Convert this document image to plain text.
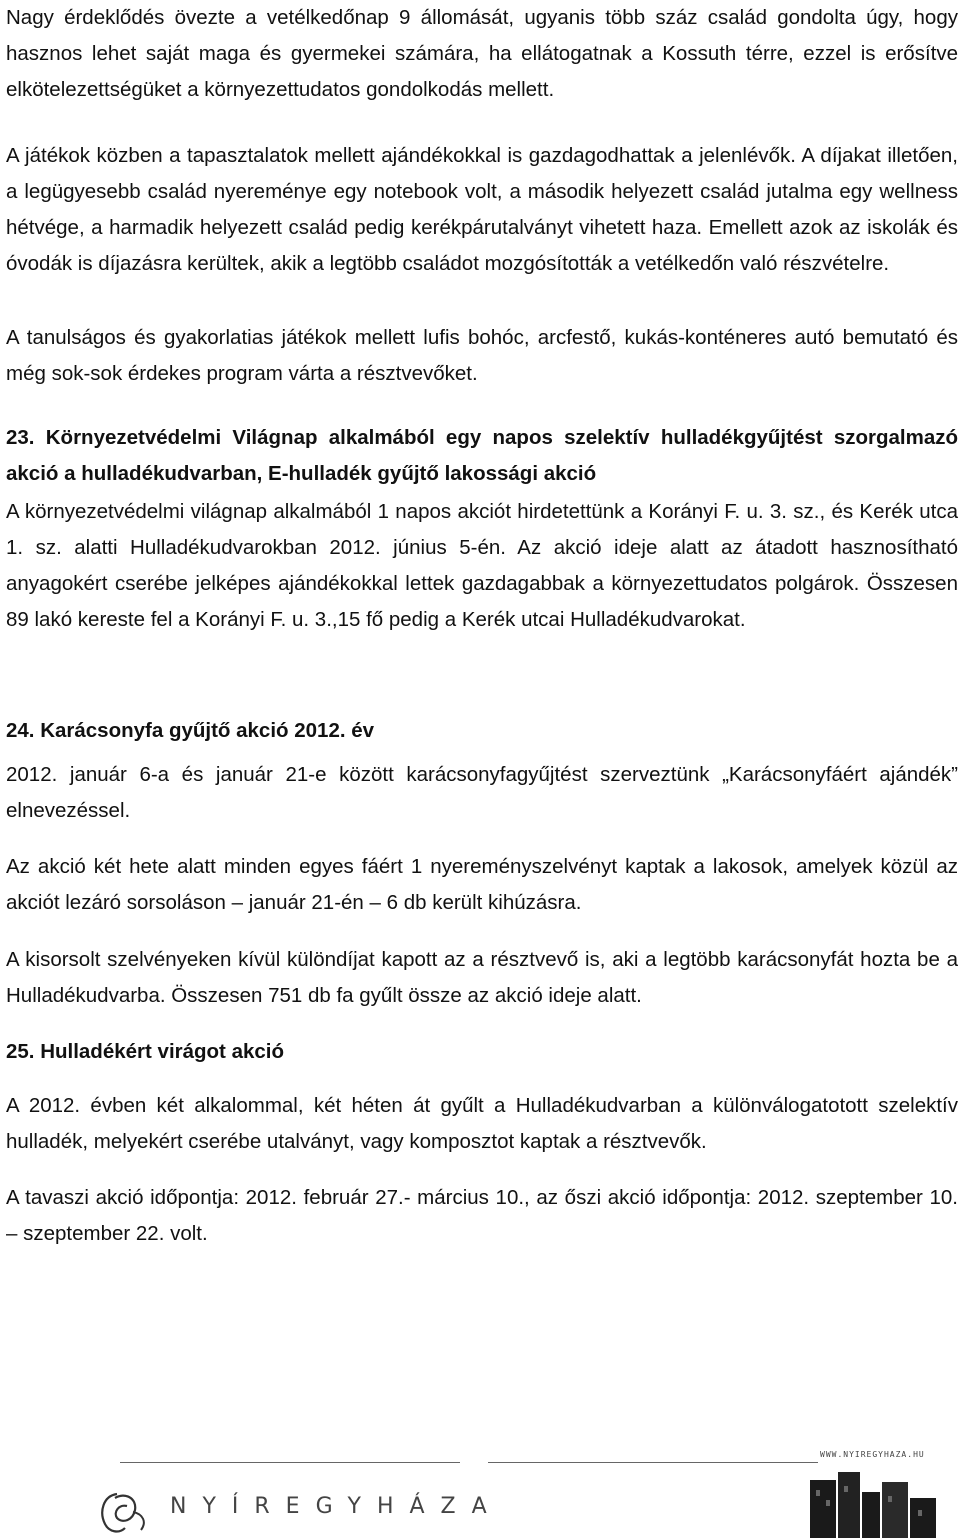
Nagy érdeklődés övezte a vetélkedőnap 9 állomását, ugyanis több száz család gondolta úgy, hogy hasznos lehet saját maga és gyermekei számára, ha ellátogatnak a Kossuth térre, ezzel is erősítve elkötelezettségüket a környezettudatos gondolkodás mellett.
A játékok közben a tapasztalatok mellett ajándékokkal is gazdagodhattak a jelenlévők. A díjakat illetően, a legügyesebb család nyereménye egy notebook volt, a második helyezett család jutalma egy wellness hétvége, a harmadik helyezett család pedig kerékpárutalványt vihetett haza. Emellett azok az iskolák és óvodák is díjazásra kerültek, akik a legtöbb családot mozgósították a vetélkedőn való részvételre.
A tanulságos és gyakorlatias játékok mellett lufis bohóc, arcfestő, kukás-konténeres autó bemutató és még sok-sok érdekes program várta a résztvevőket.
23. Környezetvédelmi Világnap alkalmából egy napos szelektív hulladékgyűjtést szorgalmazó akció a hulladékudvarban, E-hulladék gyűjtő lakossági akció
A környezetvédelmi világnap alkalmából 1 napos akciót hirdetettünk a Korányi F. u. 3. sz., és Kerék utca 1. sz. alatti Hulladékudvarokban 2012. június 5-én. Az akció ideje alatt az átadott hasznosítható anyagokért cserébe jelképes ajándékokkal lettek gazdagabbak a környezettudatos polgárok. Összesen 89 lakó kereste fel a Korányi F. u. 3.,15 fő pedig a Kerék utcai Hulladékudvarokat.
24. Karácsonyfa gyűjtő akció 2012. év
2012. január 6-a és január 21-e között karácsonyfagyűjtést szerveztünk „Karácsonyfáért ajándék” elnevezéssel.
Az akció két hete alatt minden egyes fáért 1 nyereményszelvényt kaptak a lakosok, amelyek közül az akciót lezáró sorsoláson – január 21-én – 6 db került kihúzásra.
A kisorsolt szelvényeken kívül különdíjat kapott az a résztvevő is, aki a legtöbb karácsonyfát hozta be a Hulladékudvarba. Összesen 751 db fa gyűlt össze az akció ideje alatt.
25. Hulladékért virágot akció
A 2012. évben két alkalommal, két héten át gyűlt a Hulladékudvarban a különválogatotott szelektív hulladék, melyekért cserébe utalványt, vagy komposztot kaptak a résztvevők.
A tavaszi akció időpontja: 2012. február 27.- március 10., az őszi akció időpontja: 2012. szeptember 10. – szeptember 22. volt.
WWW.NYIREGYHAZA.HU
NYÍREGYHÁZA
